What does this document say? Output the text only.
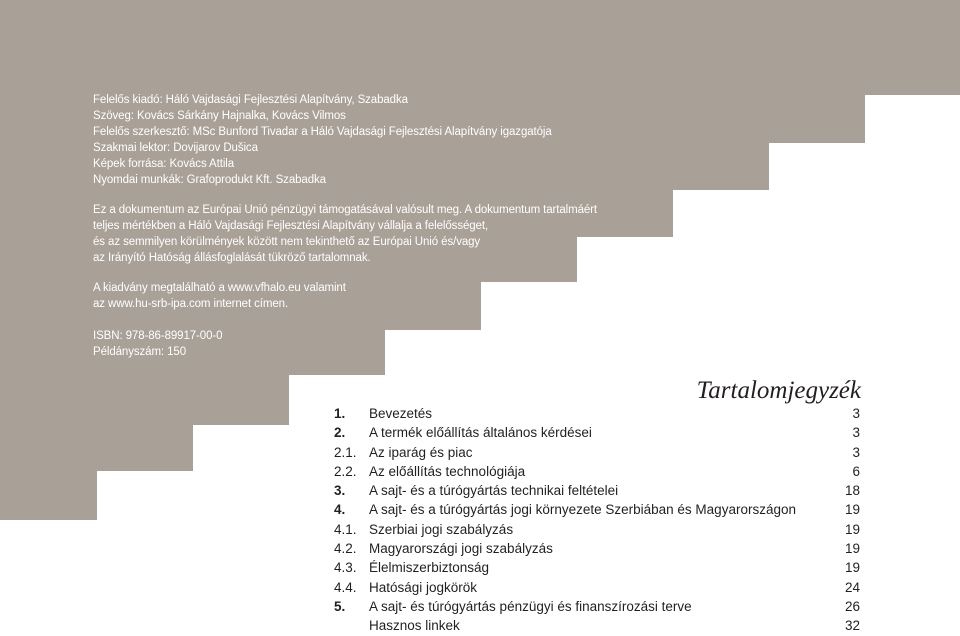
Felelős kiadó: Háló Vajdasági Fejlesztési Alapítvány, Szabadka
Szöveg: Kovács Sárkány Hajnalka, Kovács Vilmos
Felelős szerkesztő: MSc Bunford Tivadar a Háló Vajdasági Fejlesztési Alapítvány igazgatója
Szakmai lektor: Dovijarov Dušica
Képek forrása: Kovács Attila
Nyomdai munkák: Grafoprodukt Kft. Szabadka
Ez a dokumentum az Európai Unió pénzügyi támogatásával valósult meg. A dokumentum tartalmáért
teljes mértékben a Háló Vajdasági Fejlesztési Alapítvány vállalja a felelősséget,
és az semmilyen körülmények között nem tekinthető az Európai Unió és/vagy
az Irányító Hatóság állásfoglalását tükröző tartalomnak.
A kiadvány megtalálható a www.vfhalo.eu valamint
az www.hu-srb-ipa.com internet címen.
ISBN: 978-86-89917-00-0
Példányszám: 150
Tartalomjegyzék
1. Bevezetés	3
2. A termék előállítás általános kérdései	3
2.1. Az iparág és piac	3
2.2. Az előállítás technológiája	6
3. A sajt- és a túrógyártás technikai feltételei	18
4. A sajt- és a túrógyártás jogi környezete Szerbiában és Magyarországon	19
4.1. Szerbiai jogi szabályzás	19
4.2. Magyarországi jogi szabályzás	19
4.3. Élelmiszerbiztonság	19
4.4. Hatósági jogkörök	24
5. A sajt- és túrógyártás pénzügyi és finanszírozási terve	26
Hasznos linkek	32
